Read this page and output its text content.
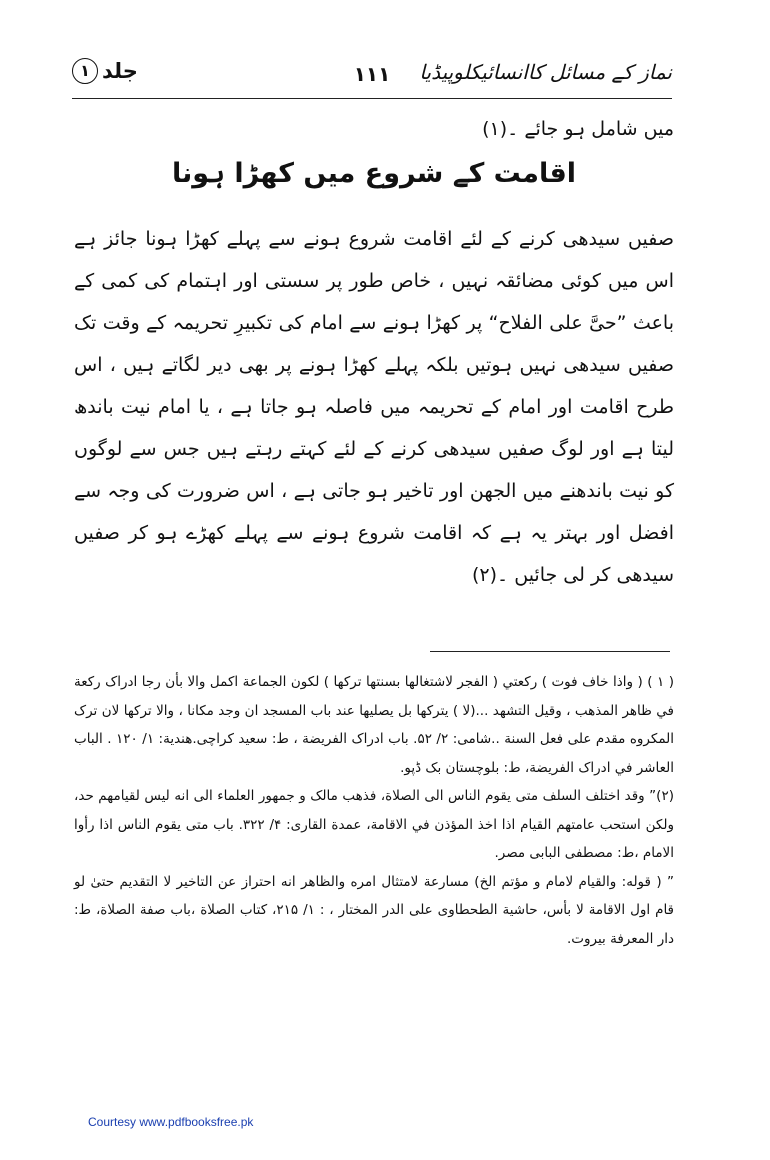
نماز کے مسائل کاانسائیکلوپیڈیا
۱۱۱
جلد
۱
میں شامل ہو جائے ۔(۱)
اقامت کے شروع میں کھڑا ہونا
صفیں سیدھی کرنے کے لئے اقامت شروع ہونے سے پہلے کھڑا ہونا جائز ہے اس میں کوئی مضائقہ نہیں ، خاص طور پر سستی اور اہتمام کی کمی کے باعث ”حیَّ علی الفلاح“ پر کھڑا ہونے سے امام کی تکبیرِ تحریمہ کے وقت تک صفیں سیدھی نہیں ہوتیں بلکہ پہلے کھڑا ہونے پر بھی دیر لگاتے ہیں ، اس طرح اقامت اور امام کے تحریمہ میں فاصلہ ہو جاتا ہے ، یا امام نیت باندھ لیتا ہے اور لوگ صفیں سیدھی کرنے کے لئے کہتے رہتے ہیں جس سے لوگوں کو نیت باندھنے میں الجھن اور تاخیر ہو جاتی ہے ، اس ضرورت کی وجہ سے افضل اور بہتر یہ ہے کہ اقامت شروع ہونے سے پہلے کھڑے ہو کر صفیں سیدھی کر لی جائیں ۔(۲)

( ۱ ) ( واذا خاف فوت ) ركعتي ( الفجر لاشتغالها بسنتها تركها ) لكون الجماعة اكمل والا بأن رجا ادراک ركعة في ظاهر المذهب ، وقيل التشهد ...(لا ) يتركها بل يصليها عند باب المسجد ان وجد مكانا ، والا تركها لان ترک المكروه مقدم على فعل السنة ..شامی: ۲/ ۵۲. باب ادراک الفريضة ، ط: سعيد كراچی.هندية: ۱/ ۱۲۰ . الباب العاشر في ادراک الفريضة، ط: بلوچستان بک ڈپو.

(۲)” وقد اختلف السلف متی یقوم الناس الی الصلاة، فذهب مالک و جمهور العلماء الی انه ليس لقيامهم حد، ولكن استحب عامتهم القيام اذا اخذ المؤذن في الاقامة، عمدة القارى: ۴/ ۳۲۲. باب متی یقوم الناس اذا رأوا الامام ،ط: مصطفی البابی مصر.

” ( قوله: والقيام لامام و مؤتم الخ) مسارعة لامتثال امره والظاهر انه احتراز عن التاخير لا التقديم حتیٰ لو قام اول الاقامة لا بأس، حاشية الطحطاوى على الدر المختار ، : ۱/ ۲۱۵، كتاب الصلاة ،باب صفة الصلاة، ط: دار المعرفة بيروت.

Courtesy www.pdfbooksfree.pk
